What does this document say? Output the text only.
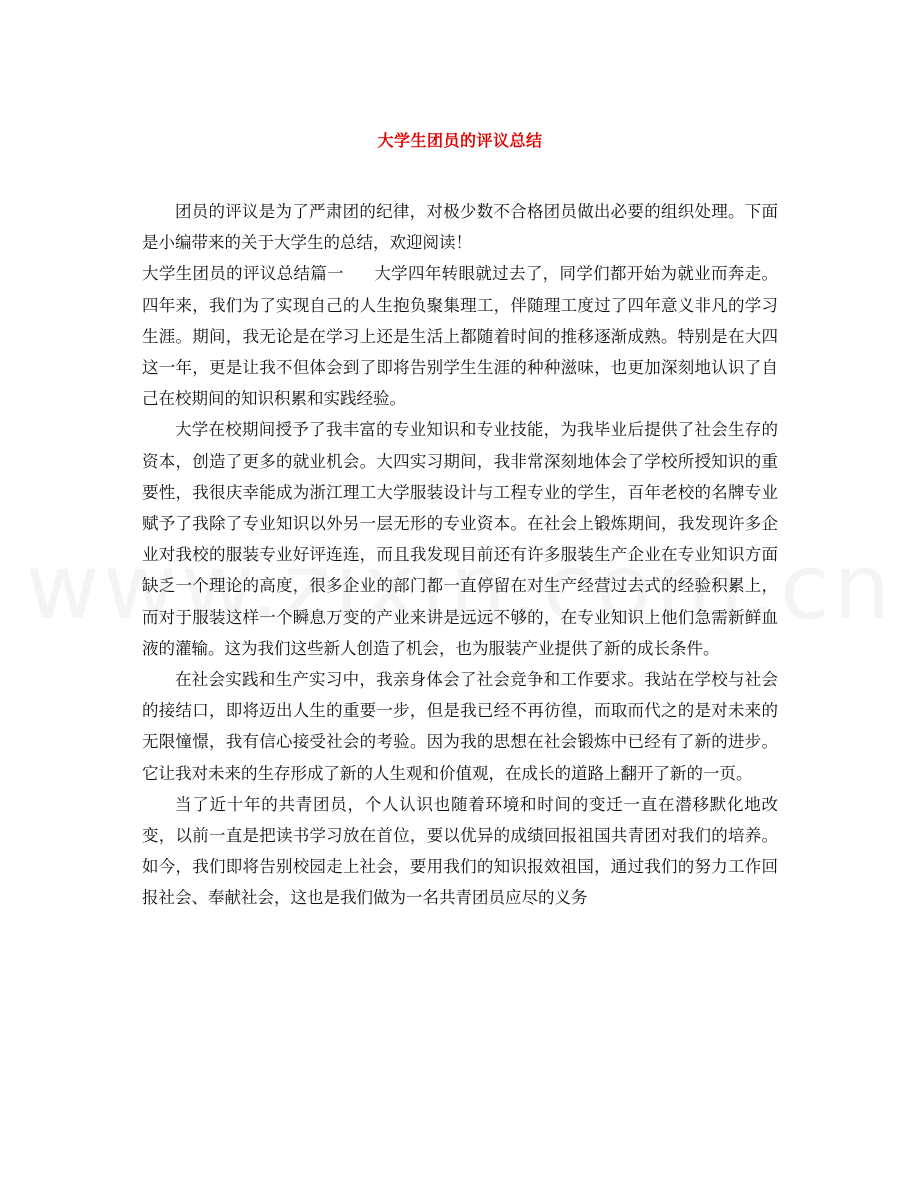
大学生团员的评议总结

团员的评议是为了严肃团的纪律，对极少数不合格团员做出必要的组织处理。下面是小编带来的关于大学生的总结，欢迎阅读！

大学生团员的评议总结篇一 大学四年转眼就过去了，同学们都开始为就业而奔走。四年来，我们为了实现自己的人生抱负聚集理工，伴随理工度过了四年意义非凡的学习生涯。期间，我无论是在学习上还是生活上都随着时间的推移逐渐成熟。特别是在大四这一年，更是让我不但体会到了即将告别学生生涯的种种滋味，也更加深刻地认识了自己在校期间的知识积累和实践经验。

大学在校期间授予了我丰富的专业知识和专业技能，为我毕业后提供了社会生存的资本，创造了更多的就业机会。大四实习期间，我非常深刻地体会了学校所授知识的重要性，我很庆幸能成为浙江理工大学服装设计与工程专业的学生，百年老校的名牌专业赋予了我除了专业知识以外另一层无形的专业资本。在社会上锻炼期间，我发现许多企业对我校的服装专业好评连连，而且我发现目前还有许多服装生产企业在专业知识方面缺乏一个理论的高度，很多企业的部门都一直停留在对生产经营过去式的经验积累上，而对于服装这样一个瞬息万变的产业来讲是远远不够的，在专业知识上他们急需新鲜血液的灌输。这为我们这些新人创造了机会，也为服装产业提供了新的成长条件。

在社会实践和生产实习中，我亲身体会了社会竞争和工作要求。我站在学校与社会的接结口，即将迈出人生的重要一步，但是我已经不再彷徨，而取而代之的是对未来的无限憧憬，我有信心接受社会的考验。因为我的思想在社会锻炼中已经有了新的进步。它让我对未来的生存形成了新的人生观和价值观，在成长的道路上翻开了新的一页。

当了近十年的共青团员，个人认识也随着环境和时间的变迁一直在潜移默化地改变，以前一直是把读书学习放在首位，要以优异的成绩回报祖国共青团对我们的培养。如今，我们即将告别校园走上社会，要用我们的知识报效祖国，通过我们的努力工作回报社会、奉献社会，这也是我们做为一名共青团员应尽的义务
